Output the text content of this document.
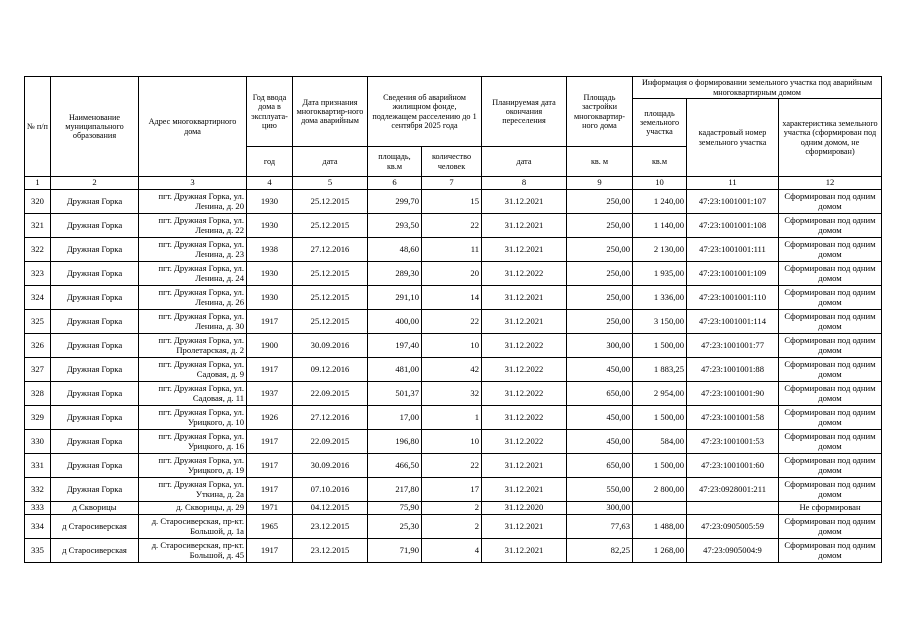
№ п/п	Наименование муниципального образования	Адрес многоквартирного дома	Год ввода дома в эксплуата-цию	Дата признания многоквартир-ного дома аварийным	Сведения об аварийном жилищном фонде, подлежащем расселению до 1 сентября 2025 года		Планируемая дата окончания переселения	Площадь застройки многоквартир-ного дома	Информация о формировании земельного участка под аварийным многоквартирным домом		
									площадь земельного участка	кадастровый номер земельного участка	характеристика земельного участка (сформирован под одним домом, не сформирован)
			год	дата	площадь, кв.м	количество человек	дата	кв. м	кв.м		
1	2	3	4	5	6	7	8	9	10	11	12
320	Дружная Горка	пгт. Дружная Горка, ул. Ленина, д. 20	1930	25.12.2015	299,70	15	31.12.2021	250,00	1 240,00	47:23:1001001:107	Сформирован под одним домом
321	Дружная Горка	пгт. Дружная Горка, ул. Ленина, д. 22	1930	25.12.2015	293,50	22	31.12.2021	250,00	1 140,00	47:23:1001001:108	Сформирован под одним домом
322	Дружная Горка	пгт. Дружная Горка, ул. Ленина, д. 23	1938	27.12.2016	48,60	11	31.12.2021	250,00	2 130,00	47:23:1001001:111	Сформирован под одним домом
323	Дружная Горка	пгт. Дружная Горка, ул. Ленина, д. 24	1930	25.12.2015	289,30	20	31.12.2022	250,00	1 935,00	47:23:1001001:109	Сформирован под одним домом
324	Дружная Горка	пгт. Дружная Горка, ул. Ленина, д. 26	1930	25.12.2015	291,10	14	31.12.2021	250,00	1 336,00	47:23:1001001:110	Сформирован под одним домом
325	Дружная Горка	пгт. Дружная Горка, ул. Ленина, д. 30	1917	25.12.2015	400,00	22	31.12.2021	250,00	3 150,00	47:23:1001001:114	Сформирован под одним домом
326	Дружная Горка	пгт. Дружная Горка, ул. Пролетарская, д. 2	1900	30.09.2016	197,40	10	31.12.2022	300,00	1 500,00	47:23:1001001:77	Сформирован под одним домом
327	Дружная Горка	пгт. Дружная Горка, ул. Садовая, д. 9	1917	09.12.2016	481,00	42	31.12.2022	450,00	1 883,25	47:23:1001001:88	Сформирован под одним домом
328	Дружная Горка	пгт. Дружная Горка, ул. Садовая, д. 11	1937	22.09.2015	501,37	32	31.12.2022	650,00	2 954,00	47:23:1001001:90	Сформирован под одним домом
329	Дружная Горка	пгт. Дружная Горка, ул. Урицкого, д. 10	1926	27.12.2016	17,00	1	31.12.2022	450,00	1 500,00	47:23:1001001:58	Сформирован под одним домом
330	Дружная Горка	пгт. Дружная Горка, ул. Урицкого, д. 16	1917	22.09.2015	196,80	10	31.12.2022	450,00	584,00	47:23:1001001:53	Сформирован под одним домом
331	Дружная Горка	пгт. Дружная Горка, ул. Урицкого, д. 19	1917	30.09.2016	466,50	22	31.12.2021	650,00	1 500,00	47:23:1001001:60	Сформирован под одним домом
332	Дружная Горка	пгт. Дружная Горка, ул. Уткина, д. 2а	1917	07.10.2016	217,80	17	31.12.2021	550,00	2 800,00	47:23:0928001:211	Сформирован под одним домом
333	д Скворицы	д. Скворицы, д. 29	1971	04.12.2015	75,90	2	31.12.2020	300,00			Не сформирован
334	д Старосиверская	д. Старосиверская, пр-кт. Большой, д. 1а	1965	23.12.2015	25,30	2	31.12.2021	77,63	1 488,00	47:23:0905005:59	Сформирован под одним домом
335	д Старосиверская	д. Старосиверская, пр-кт. Большой, д. 45	1917	23.12.2015	71,90	4	31.12.2021	82,25	1 268,00	47:23:0905004:9	Сформирован под одним домом
